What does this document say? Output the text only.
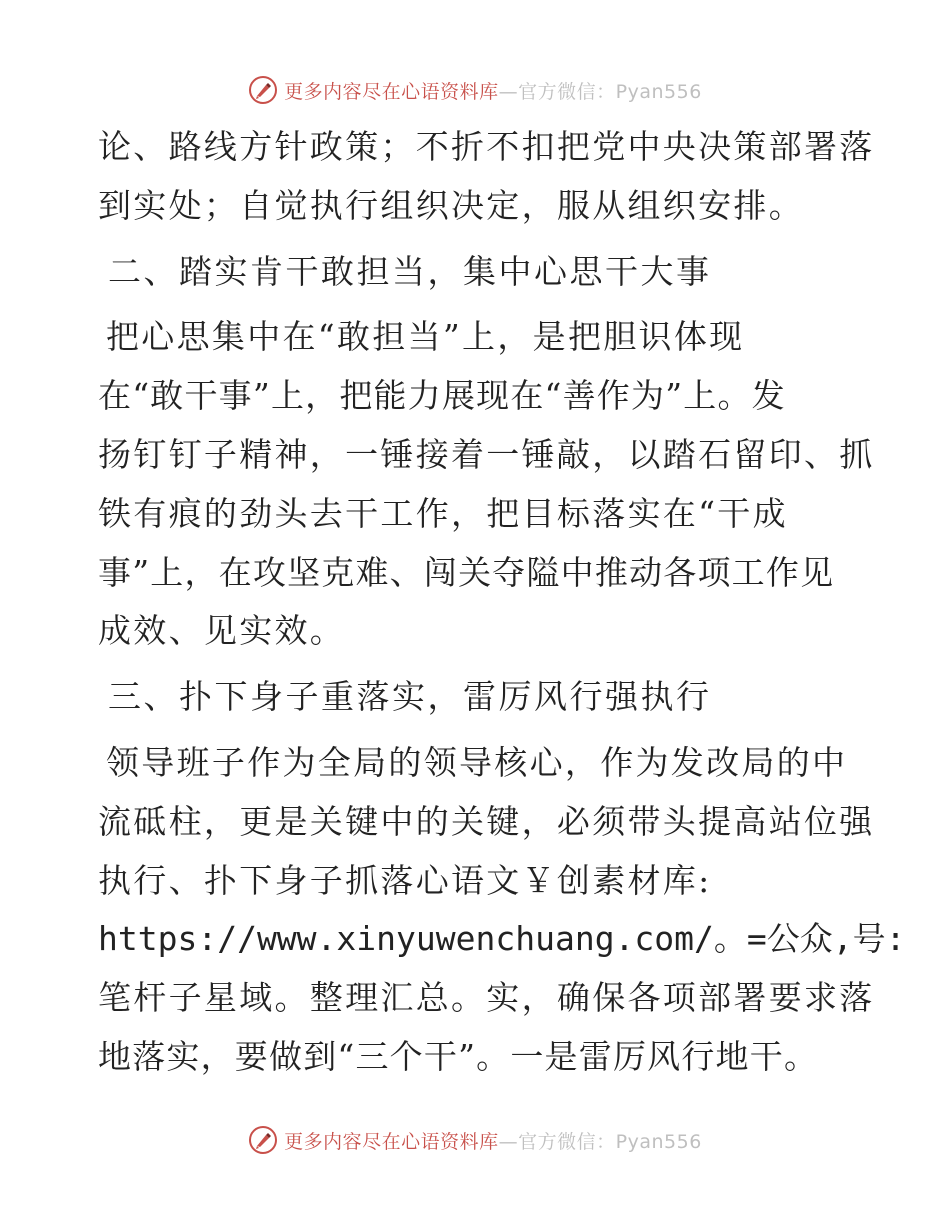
更多内容尽在心语资料库—官方微信：Pyan556
论、路线方针政策；不折不扣把党中央决策部署落
到实处；自觉执行组织决定，服从组织安排。
二、踏实肯干敢担当，集中心思干大事
把心思集中在“敢担当”上，是把胆识体现
在“敢干事”上，把能力展现在“善作为”上。发
扬钉钉子精神，一锤接着一锤敲，以踏石留印、抓
铁有痕的劲头去干工作，把目标落实在“干成
事”上，在攻坚克难、闯关夺隘中推动各项工作见
成效、见实效。
三、扑下身子重落实，雷厉风行强执行
领导班子作为全局的领导核心，作为发改局的中
流砥柱，更是关键中的关键，必须带头提高站位强
执行、扑下身子抓落心语文￥创素材库:
https://www.xinyuwenchuang.com/。=公众,号:
笔杆子星域。整理汇总。实，确保各项部署要求落
地落实，要做到“三个干”。一是雷厉风行地干。
更多内容尽在心语资料库—官方微信：Pyan556
